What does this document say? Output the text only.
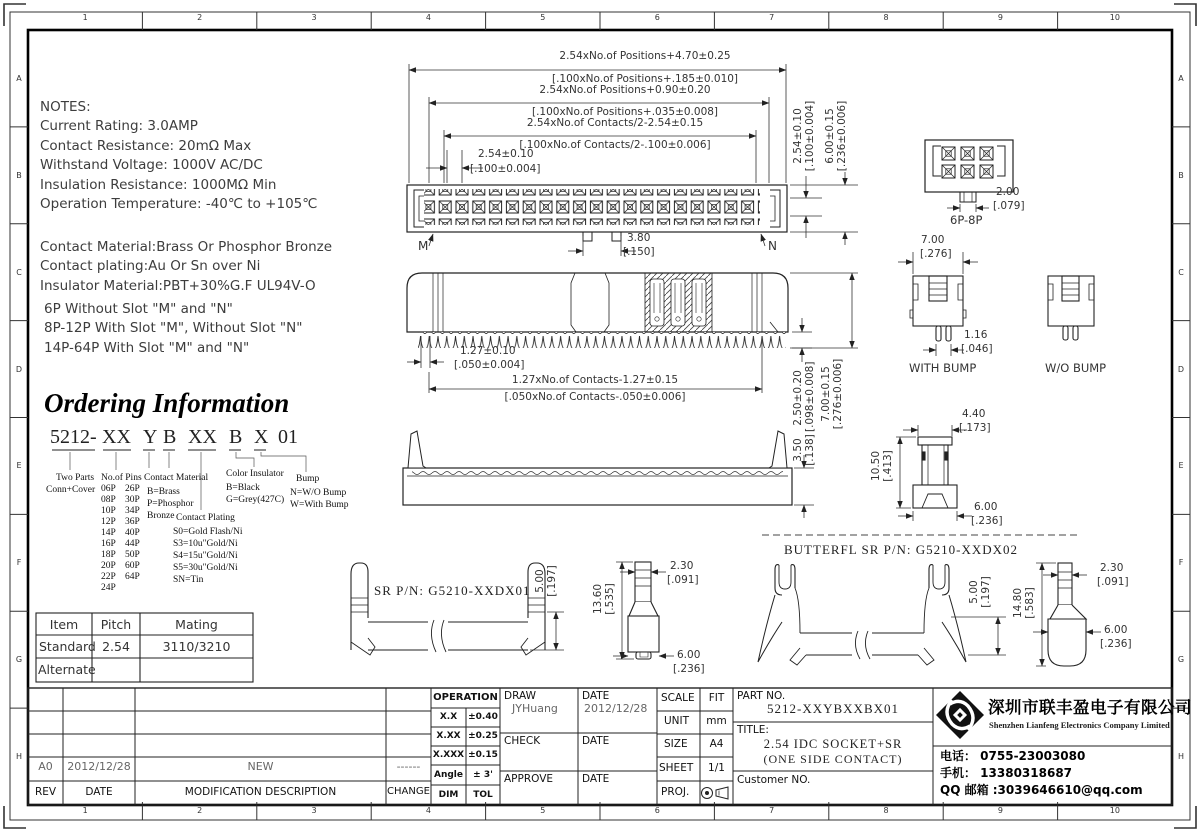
1	2	3	4	5	6	7	8	9	10
1	2	3	4	5	6	7	8	9	10
A
B
C
D
E
F
G
H
A
B
C
D
E
F
G
H
NOTES:
Current Rating: 3.0AMP
Contact Resistance: 20mΩ Max
Withstand Voltage: 1000V AC/DC
Insulation Resistance: 1000MΩ Min
Operation Temperature: -40℃ to +105℃
Contact Material:Brass Or Phosphor Bronze
Contact plating:Au Or Sn over Ni
Insulator Material:PBT+30%G.F UL94V-O
6P Without Slot "M" and "N"
8P-12P With Slot "M", Without Slot "N"
14P-64P With Slot "M" and "N"
2.54xNo.of Positions+4.70±0.25
[.100xNo.of Positions+.185±0.010]
2.54xNo.of Positions+0.90±0.20
[.100xNo.of Positions+.035±0.008]
2.54xNo.of Contacts/2-2.54±0.15
[.100xNo.of Contacts/2-.100±0.006]
2.54±0.10
[.100±0.004]
2.54±0.10 [.100±0.004] 6.00±0.15 [.236±0.006]
3.80
[.150]
M	N
2.00
[.079]
6P-8P
1.27±0.10
[.050±0.004]
1.27xNo.of Contacts-1.27±0.15
[.050xNo.of Contacts-.050±0.006]	2.50±0.20 [.098±0.008] 7.00±0.15 [.276±0.006]
7.00
[.276]
1.16
[.046]
WITH BUMP	W/O BUMP
3.50 [.138]
4.40
[.173]
10.50 [.413]
6.00
[.236]
SR P/N: G5210-XXDX01 5.00 [.197]
13.60 [.535]
2.30
[.091]
6.00
[.236]
BUTTERFL SR P/N: G5210-XXDX02
5.00 [.197] 14.80 [.583]
2.30
[.091]
6.00
[.236]
Ordering Information
5212- XX Y B XX B X 01
Two Parts
Conn+Cover
No.of Pins
06P 26P
08P 30P
10P 34P
12P 36P
14P 40P
16P 44P
18P 50P
20P 60P
22P 64P
24P
Contact Material
B=Brass
P=Phosphor
Bronze Contact Plating
S0=Gold Flash/Ni
S3=10u"Gold/Ni
S4=15u"Gold/Ni
S5=30u"Gold/Ni
SN=Tin
Color Insulator
B=Black
G=Grey(427C)
Bump
N=W/O Bump
W=With Bump
Item	Pitch	Mating
Standard 2.54	3110/3210
Alternate
A0	2012/12/28	NEW	------
REV	DATE	MODIFICATION DESCRIPTION	CHANGE
OPERATION
X.X	±0.40
X.XX ±0.25
X.XXX ±0.15
Angle	± 3'
DIM	TOL
DRAW
JYHuang
DATE
2012/12/28
CHECK	DATE
APPROVE	DATE
SCALE	FIT
UNIT	mm
SIZE	A4
SHEET	1/1
PROJ.
PART NO.
5212-XXYBXXBX01
TITLE:
2.54 IDC SOCKET+SR
(ONE SIDE CONTACT)
Customer NO.
深圳市联丰盈电子有限公司
Shenzhen Lianfeng Electronics Company Limited
电话： 0755-23003080
手机： 13380318687
QQ 邮箱 :3039646610@qq.com
